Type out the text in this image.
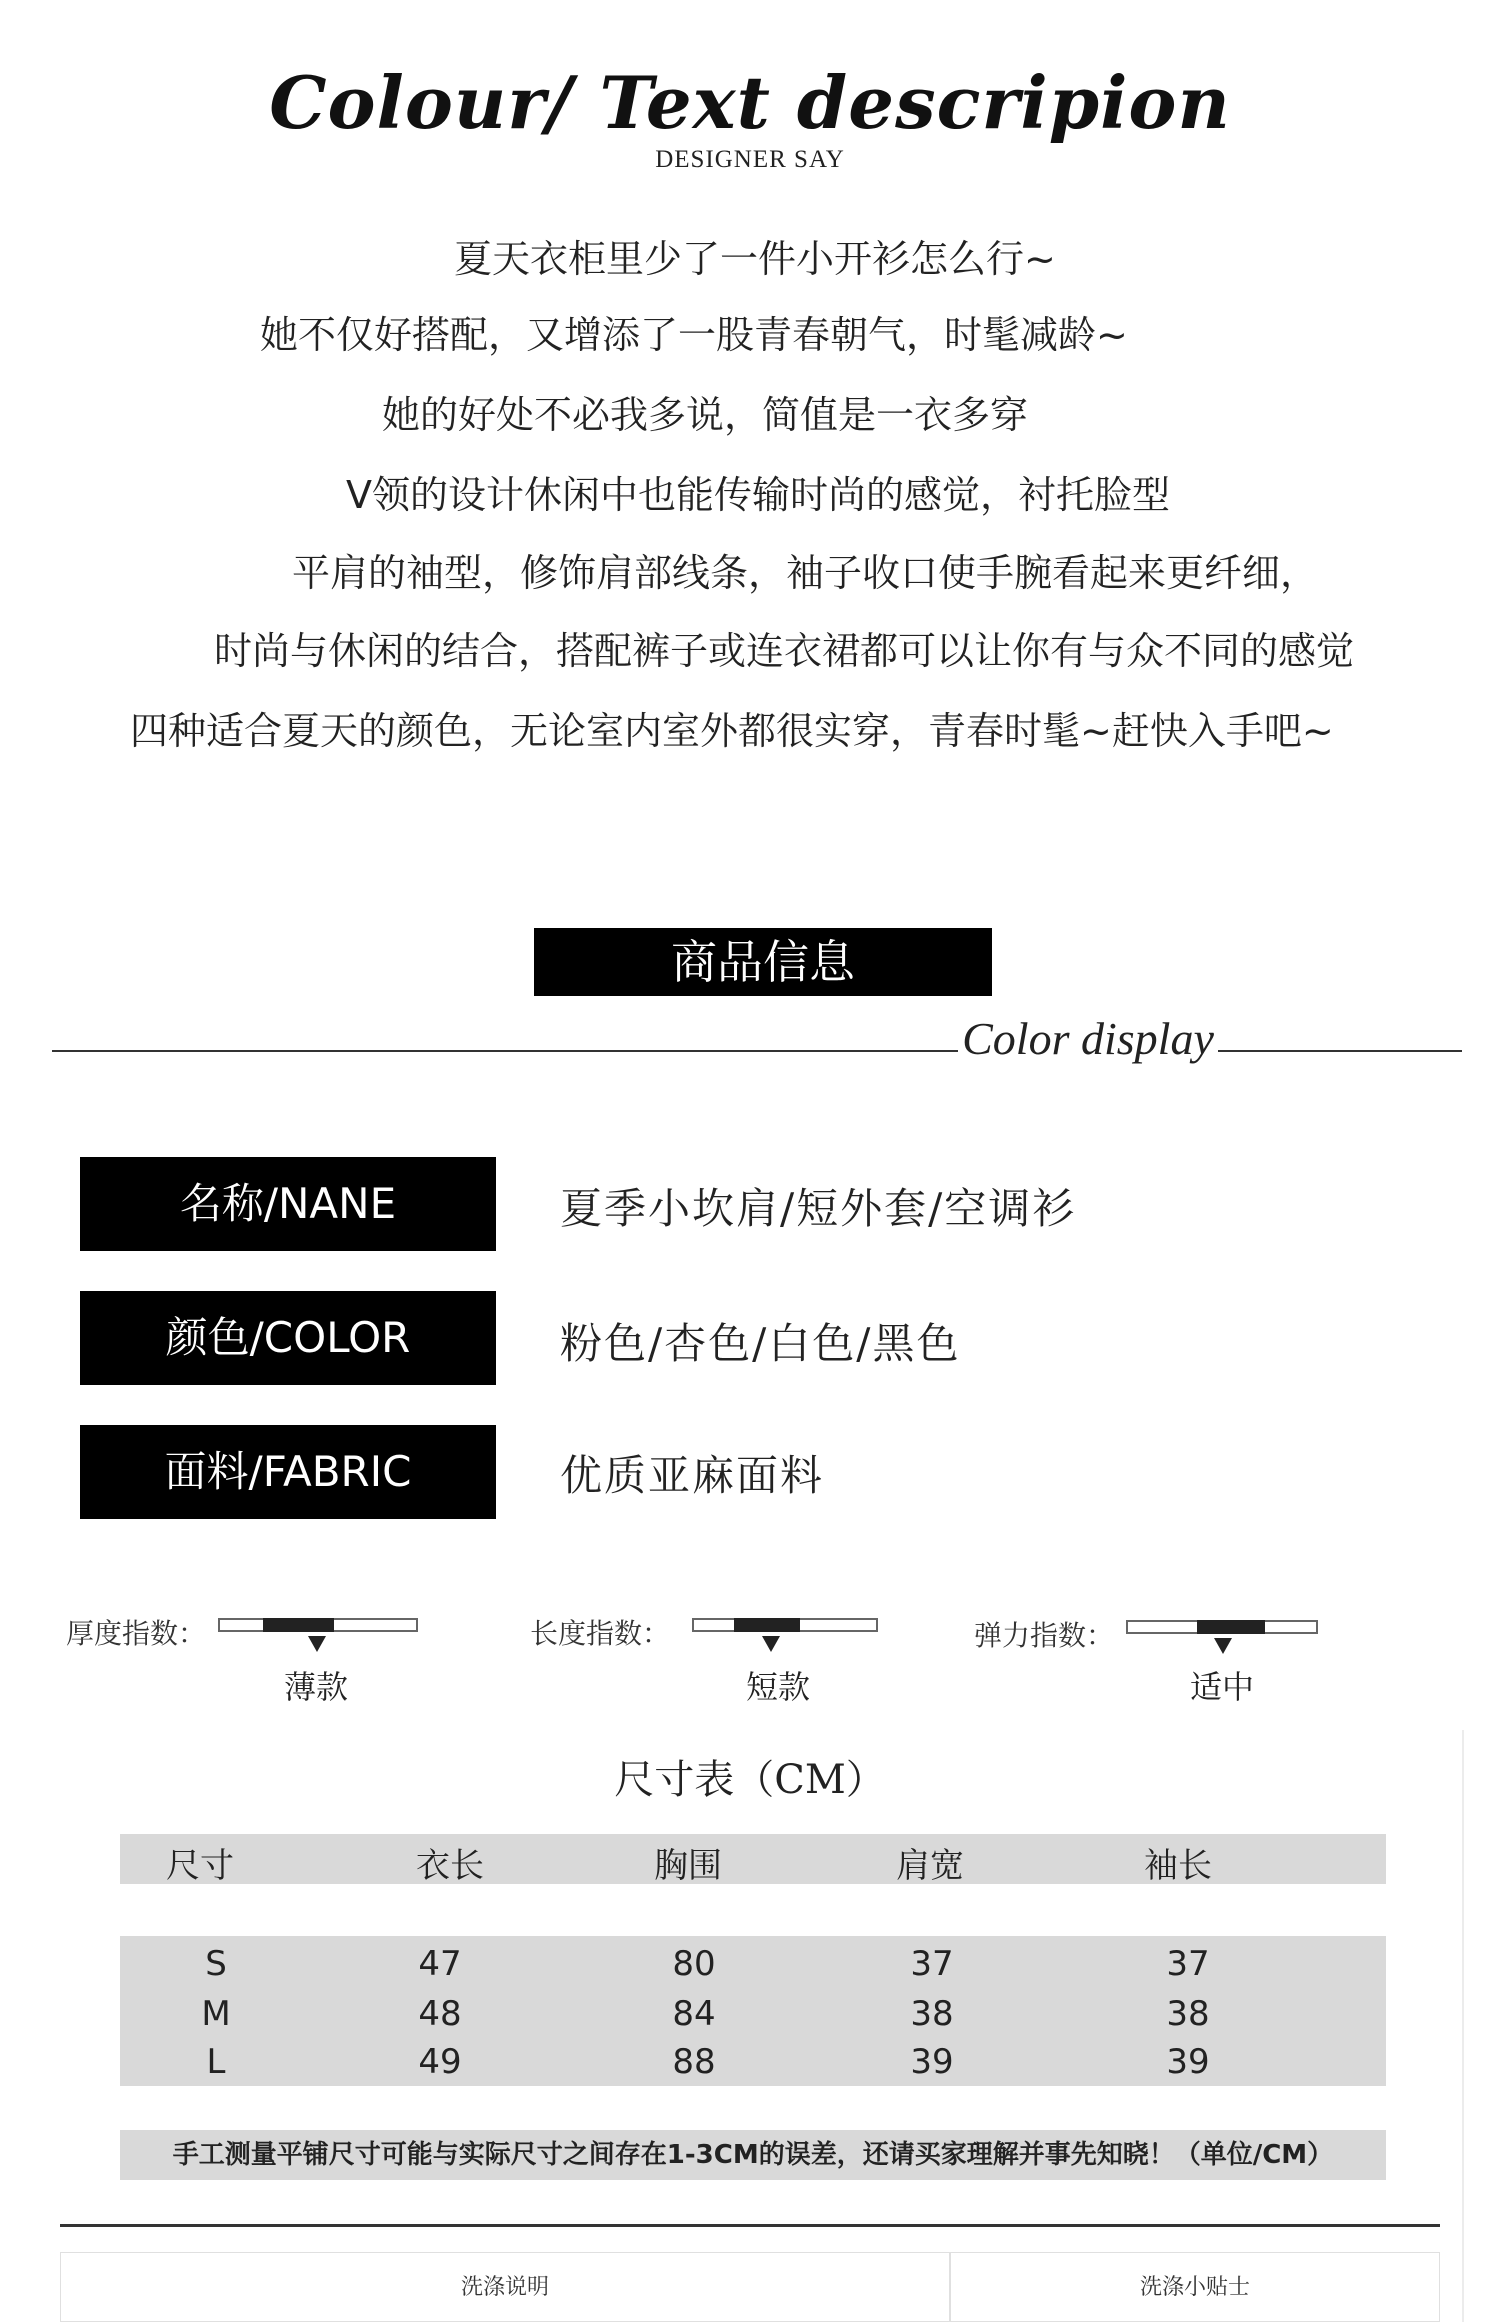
Colour/ Text descripion
DESIGNER SAY
夏天衣柜里少了一件小开衫怎么行~
她不仅好搭配，又增添了一股青春朝气，时髦减龄~
她的好处不必我多说，简值是一衣多穿
V领的设计休闲中也能传输时尚的感觉，衬托脸型
平肩的袖型，修饰肩部线条，袖子收口使手腕看起来更纤细，
时尚与休闲的结合，搭配裤子或连衣裙都可以让你有与众不同的感觉
四种适合夏天的颜色，无论室内室外都很实穿，青春时髦~赶快入手吧~
商品信息
Color display
名称/NANE	夏季小坎肩/短外套/空调衫
颜色/COLOR	粉色/杏色/白色/黑色
面料/FABRIC	优质亚麻面料
厚度指数：
薄款
长度指数：
短款
弹力指数：
适中
尺寸表（CM）
尺寸	衣长	胸围	肩宽	袖长
S	47	80	37	37
M	48	84	38	38
L	49	88	39	39
手工测量平铺尺寸可能与实际尺寸之间存在1-3CM的误差，还请买家理解并事先知晓！（单位/CM）
洗涤说明	洗涤小贴士
